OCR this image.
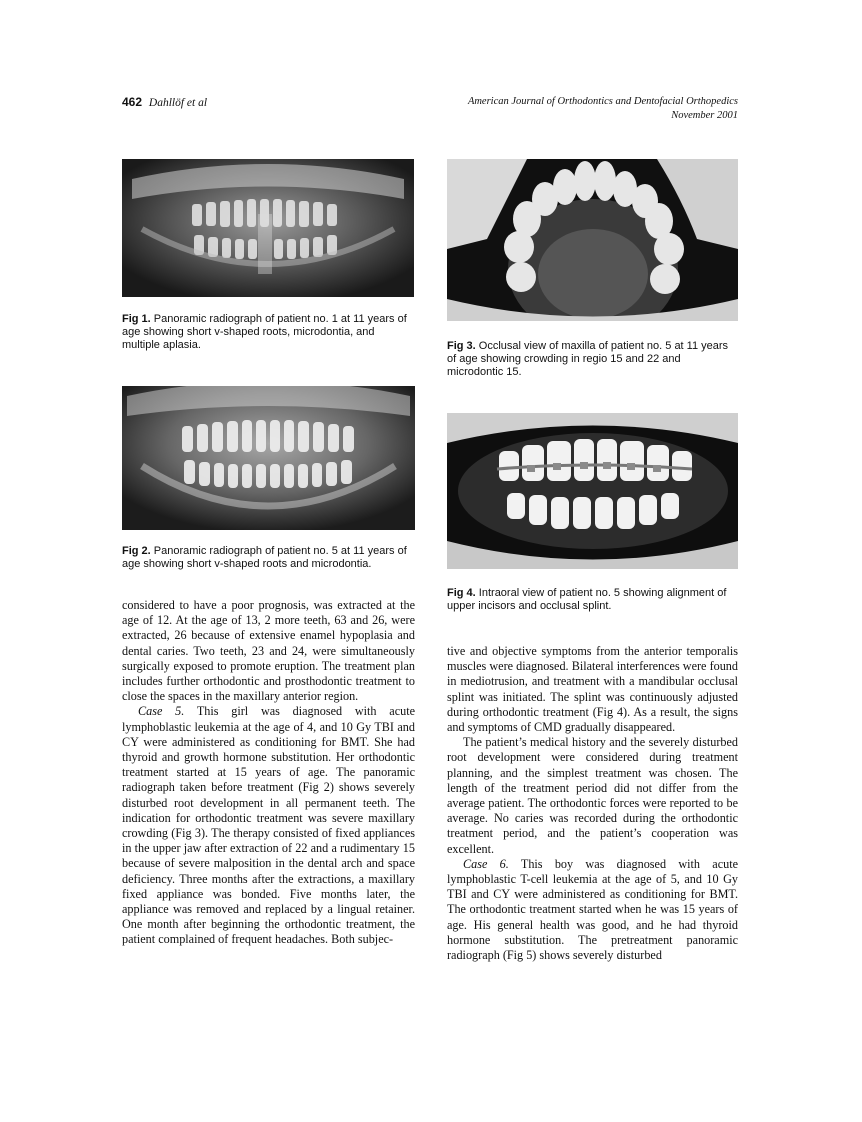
462 Dahllöf et al	American Journal of Orthodontics and Dentofacial Orthopedics
November 2001
Fig 1. Panoramic radiograph of patient no. 1 at 11 years of age showing short v-shaped roots, microdontia, and multiple aplasia.
Fig 2. Panoramic radiograph of patient no. 5 at 11 years of age showing short v-shaped roots and microdontia.
Fig 3. Occlusal view of maxilla of patient no. 5 at 11 years of age showing crowding in regio 15 and 22 and microdontic 15.
Fig 4. Intraoral view of patient no. 5 showing alignment of upper incisors and occlusal splint.

considered to have a poor prognosis, was extracted at the age of 12. At the age of 13, 2 more teeth, 63 and 26, were extracted, 26 because of extensive enamel hypoplasia and dental caries. Two teeth, 23 and 24, were simultaneously surgically exposed to promote eruption. The treatment plan includes further orthodontic and prosthodontic treatment to close the spaces in the maxillary anterior region.

Case 5. This girl was diagnosed with acute lymphoblastic leukemia at the age of 4, and 10 Gy TBI and CY were administered as conditioning for BMT. She had thyroid and growth hormone substitution. Her orthodontic treatment started at 15 years of age. The panoramic radiograph taken before treatment (Fig 2) shows severely disturbed root development in all permanent teeth. The indication for orthodontic treatment was severe maxillary crowding (Fig 3). The therapy consisted of fixed appliances in the upper jaw after extraction of 22 and a rudimentary 15 because of severe malposition in the dental arch and space deficiency. Three months after the extractions, a maxillary fixed appliance was bonded. Five months later, the appliance was removed and replaced by a lingual retainer. One month after beginning the orthodontic treatment, the patient complained of frequent headaches. Both subjec-

tive and objective symptoms from the anterior temporalis muscles were diagnosed. Bilateral interferences were found in mediotrusion, and treatment with a mandibular occlusal splint was initiated. The splint was continuously adjusted during orthodontic treatment (Fig 4). As a result, the signs and symptoms of CMD gradually disappeared.

The patient’s medical history and the severely disturbed root development were considered during treatment planning, and the simplest treatment was chosen. The length of the treatment period did not differ from the average patient. The orthodontic forces were reported to be average. No caries was recorded during the orthodontic treatment period, and the patient’s cooperation was excellent.

Case 6. This boy was diagnosed with acute lymphoblastic T-cell leukemia at the age of 5, and 10 Gy TBI and CY were administered as conditioning for BMT. The orthodontic treatment started when he was 15 years of age. His general health was good, and he had thyroid hormone substitution. The pretreatment panoramic radiograph (Fig 5) shows severely disturbed
